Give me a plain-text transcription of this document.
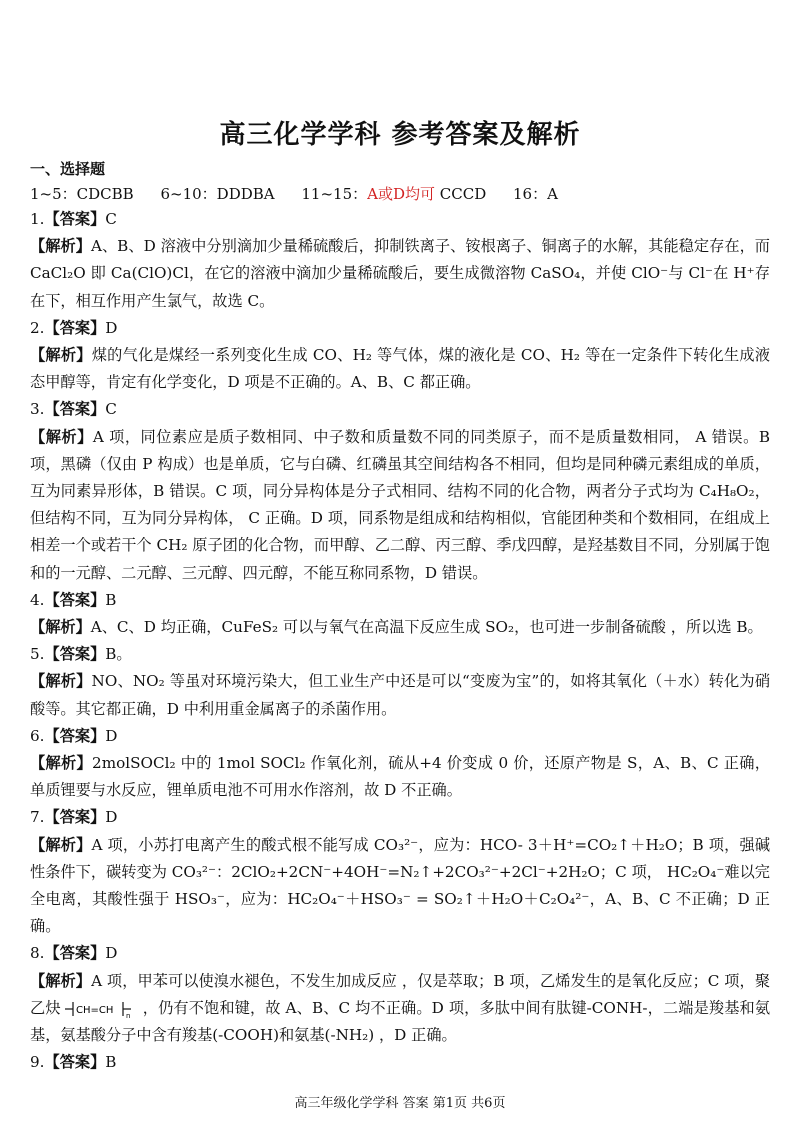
高三化学学科 参考答案及解析
一、选择题
1~5：CDCBB 6~10：DDDBA 11~15：A或D均可 CCCD 16：A

1.【答案】C

【解析】A、B、D 溶液中分别滴加少量稀硫酸后，抑制铁离子、铵根离子、铜离子的水解，其能稳定存在，而 CaCl₂O 即 Ca(ClO)Cl，在它的溶液中滴加少量稀硫酸后，要生成微溶物 CaSO₄，并使 ClO⁻与 Cl⁻在 H⁺存在下，相互作用产生氯气，故选 C。

2.【答案】D

【解析】煤的气化是煤经一系列变化生成 CO、H₂ 等气体，煤的液化是 CO、H₂ 等在一定条件下转化生成液态甲醇等，肯定有化学变化，D 项是不正确的。A、B、C 都正确。

3.【答案】C

【解析】A 项，同位素应是质子数相同、中子数和质量数不同的同类原子，而不是质量数相同， A 错误。B 项，黑磷（仅由 P 构成）也是单质，它与白磷、红磷虽其空间结构各不相同，但均是同种磷元素组成的单质，互为同素异形体，B 错误。C 项，同分异构体是分子式相同、结构不同的化合物，两者分子式均为 C₄H₈O₂，但结构不同，互为同分异构体， C 正确。D 项，同系物是组成和结构相似，官能团种类和个数相同，在组成上相差一个或若干个 CH₂ 原子团的化合物，而甲醇、乙二醇、丙三醇、季戊四醇，是羟基数目不同，分别属于饱和的一元醇、二元醇、三元醇、四元醇，不能互称同系物，D 错误。

4.【答案】B

【解析】A、C、D 均正确，CuFeS₂ 可以与氧气在高温下反应生成 SO₂，也可进一步制备硫酸 ，所以选 B。

5.【答案】B。

【解析】NO、NO₂ 等虽对环境污染大，但工业生产中还是可以“变废为宝”的，如将其氧化（＋水）转化为硝酸等。其它都正确，D 中利用重金属离子的杀菌作用。

6.【答案】D

【解析】2molSOCl₂ 中的 1mol SOCl₂ 作氧化剂，硫从+4 价变成 0 价，还原产物是 S，A、B、C 正确，单质锂要与水反应，锂单质电池不可用水作溶剂，故 D 不正确。

7.【答案】D

【解析】A 项，小苏打电离产生的酸式根不能写成 CO₃²⁻，应为：HCO- 3＋H⁺=CO₂↑＋H₂O；B 项，强碱性条件下，碳转变为 CO₃²⁻：2ClO₂+2CN⁻+4OH⁻=N₂↑+2CO₃²⁻+2Cl⁻+2H₂O；C 项， HC₂O₄⁻难以完全电离，其酸性强于 HSO₃⁻，应为：HC₂O₄⁻＋HSO₃⁻ = SO₂↑＋H₂O＋C₂O₄²⁻，A、B、C 不正确；D 正确。

8.【答案】D

【解析】A 项，甲苯可以使溴水褪色，不发生加成反应 ，仅是萃取；B 项，乙烯发生的是氧化反应；C 项，聚乙炔 CH=CH n ，仍有不饱和键，故 A、B、C 均不正确。D 项，多肽中间有肽键-CONH-，二端是羧基和氨基，氨基酸分子中含有羧基(-COOH)和氨基(-NH₂) ，D 正确。

9.【答案】B

高三年级化学学科 答案 第1页 共6页
